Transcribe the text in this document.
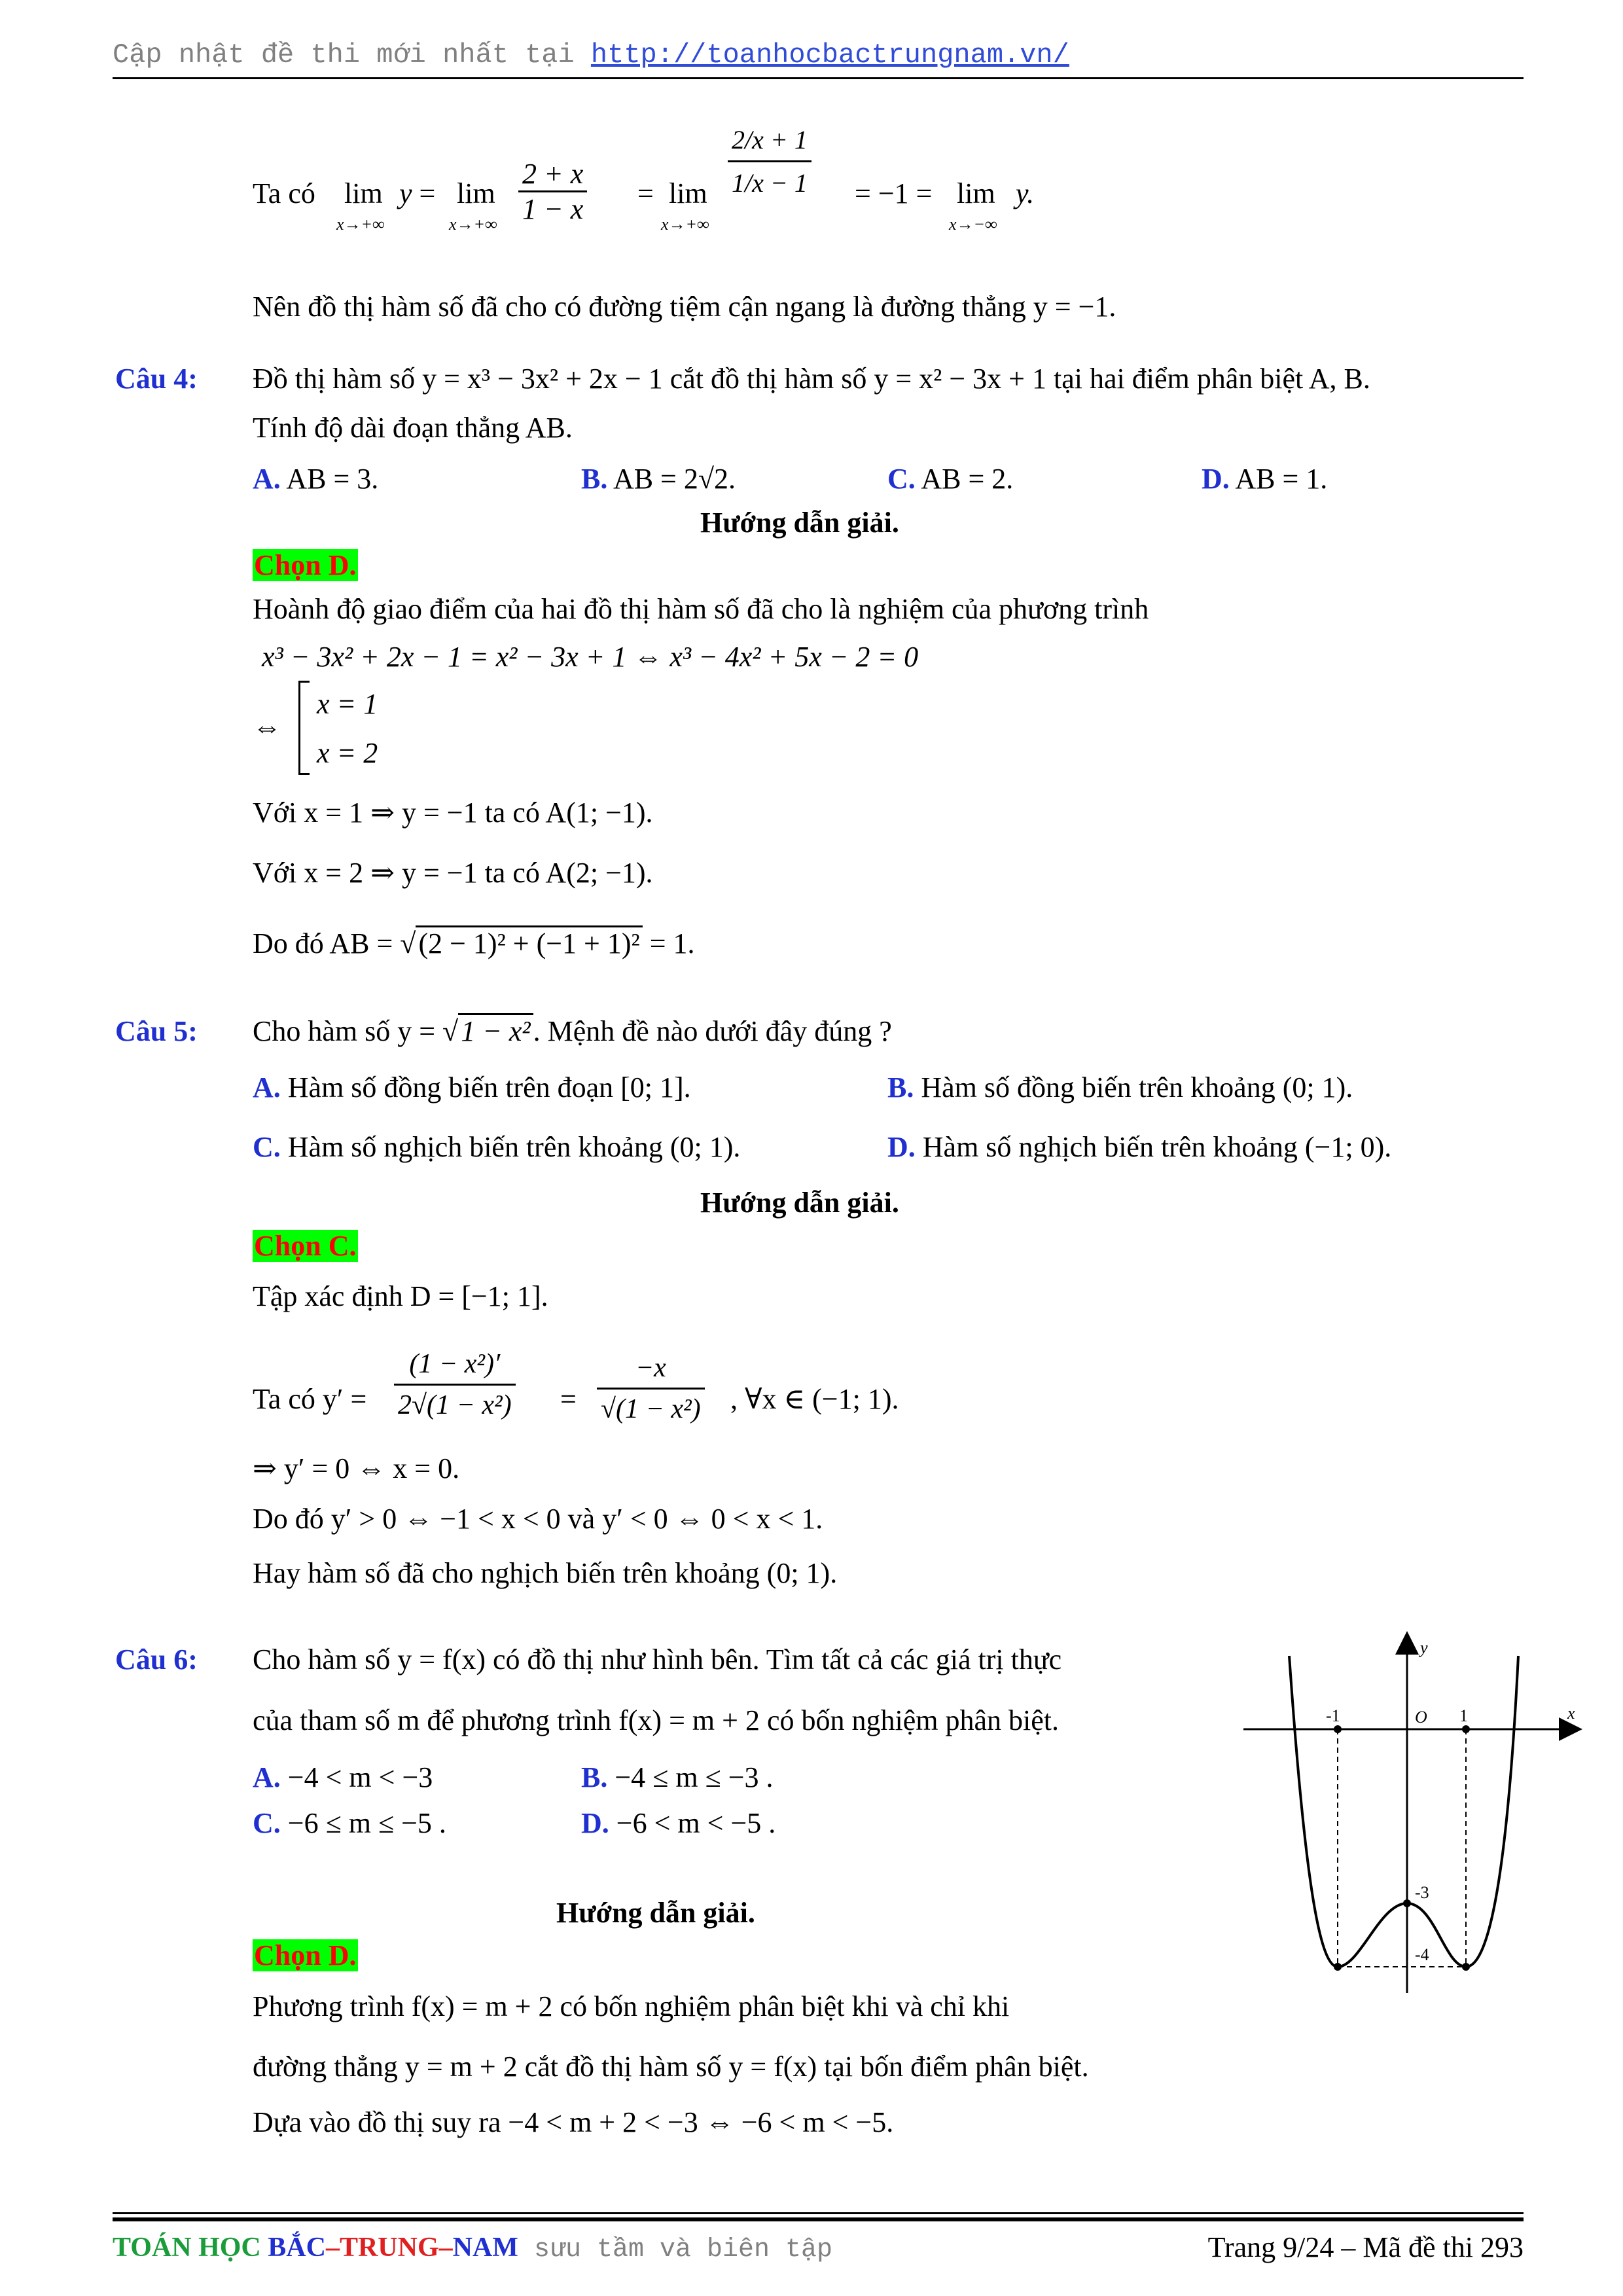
Cập nhật đề thi mới nhất tại http://toanhocbactrungnam.vn/
Ta có lim
x→+∞
y = lim
$x\to+\infty \frac{2 + x}{1 - x} = \lim$
x→+∞
$\frac{2/x + 1}{1/x - 1} = -1 = \lim$
x→−∞
y.
Nên đồ thị hàm số đã cho có đường tiệm cận ngang là đường thẳng y = −1.
Câu 4: Đồ thị hàm số y = x³ − 3x² + 2x − 1 cắt đồ thị hàm số y = x² − 3x + 1 tại hai điểm phân biệt A, B.
Tính độ dài đoạn thẳng AB.
A. AB = 3.	B. AB = 2√2.	C. AB = 2.	D. AB = 1.
Hướng dẫn giải.
Chọn D.
Hoành độ giao điểm của hai đồ thị hàm số đã cho là nghiệm của phương trình
x³ − 3x² + 2x − 1 = x² − 3x + 1 ⇔ x³ − 4x² + 5x − 2 = 0
⇔
x = 1
x = 2
Với x = 1 ⇒ y = −1 ta có A(1; −1).
Với x = 2 ⇒ y = −1 ta có A(2; −1).
Do đó AB = √(2 − 1)² + (−1 + 1)² = 1.
Câu 5: Cho hàm số y = √1 − x². Mệnh đề nào dưới đây đúng ?
A. Hàm số đồng biến trên đoạn [0; 1].	B. Hàm số đồng biến trên khoảng (0; 1).
C. Hàm số nghịch biến trên khoảng (0; 1).	D. Hàm số nghịch biến trên khoảng (−1; 0).
Hướng dẫn giải.
Chọn C.
Tập xác định D = [−1; 1].
Ta có $y' = \frac{\text{(1 − x²)′}}{\text{2√(1 − x²)}} = \frac{-x}{\text{√(1 − x²)}}$ , ∀x ∈ (−1; 1).
⇒ y′ = 0 ⇔ x = 0.
Do đó y′ > 0 ⇔ −1 < x < 0 và y′ < 0 ⇔ 0 < x < 1.
Hay hàm số đã cho nghịch biến trên khoảng (0; 1).
Câu 6: Cho hàm số y = f(x) có đồ thị như hình bên. Tìm tất cả các giá trị thực
của tham số m để phương trình f(x) = m + 2 có bốn nghiệm phân biệt.
A. −4 < m < −3	B. −4 ≤ m ≤ −3 .
C. −6 ≤ m ≤ −5 .	D. −6 < m < −5 .
Hướng dẫn giải.
Chọn D.
Phương trình f(x) = m + 2 có bốn nghiệm phân biệt khi và chỉ khi
đường thẳng y = m + 2 cắt đồ thị hàm số y = f(x) tại bốn điểm phân biệt.
Dựa vào đồ thị suy ra −4 < m + 2 < −3 ⇔ −6 < m < −5.
y
x
O
-1	1
-3
-4
TOÁN HỌC BẮC–TRUNG–NAM sưu tầm và biên tập	Trang 9/24 – Mã đề thi 293
